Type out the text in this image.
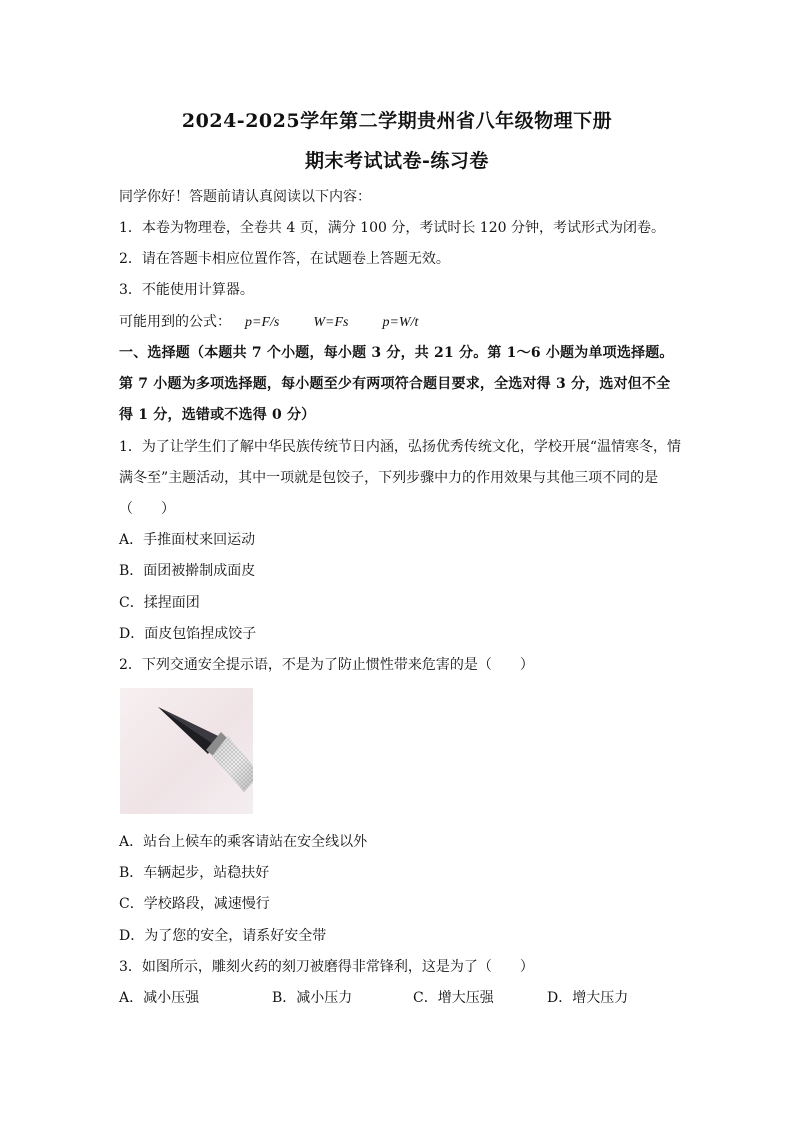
2024-2025学年第二学期贵州省八年级物理下册
期末考试试卷-练习卷
同学你好！答题前请认真阅读以下内容：
1．本卷为物理卷，全卷共 4 页，满分 100 分，考试时长 120 分钟，考试形式为闭卷。
2．请在答题卡相应位置作答，在试题卷上答题无效。
3．不能使用计算器。
可能用到的公式： p=F/s W=Fs p=W/t
一、选择题（本题共 7 个小题，每小题 3 分，共 21 分。第 1～6 小题为单项选择题。
第 7 小题为多项选择题，每小题至少有两项符合题目要求，全选对得 3 分，选对但不全
得 1 分，选错或不选得 0 分）
1．为了让学生们了解中华民族传统节日内涵，弘扬优秀传统文化，学校开展“温情寒冬，情
满冬至”主题活动，其中一项就是包饺子，下列步骤中力的作用效果与其他三项不同的是
（　　）
A．手推面杖来回运动
B．面团被擀制成面皮
C．揉捏面团
D．面皮包馅捏成饺子
2．下列交通安全提示语，不是为了防止惯性带来危害的是（　　）
A．站台上候车的乘客请站在安全线以外
B．车辆起步，站稳扶好
C．学校路段，减速慢行
D．为了您的安全，请系好安全带
3．如图所示，雕刻火药的刻刀被磨得非常锋利，这是为了（　　）
A．减小压强	B．减小压力	C．增大压强	D．增大压力
